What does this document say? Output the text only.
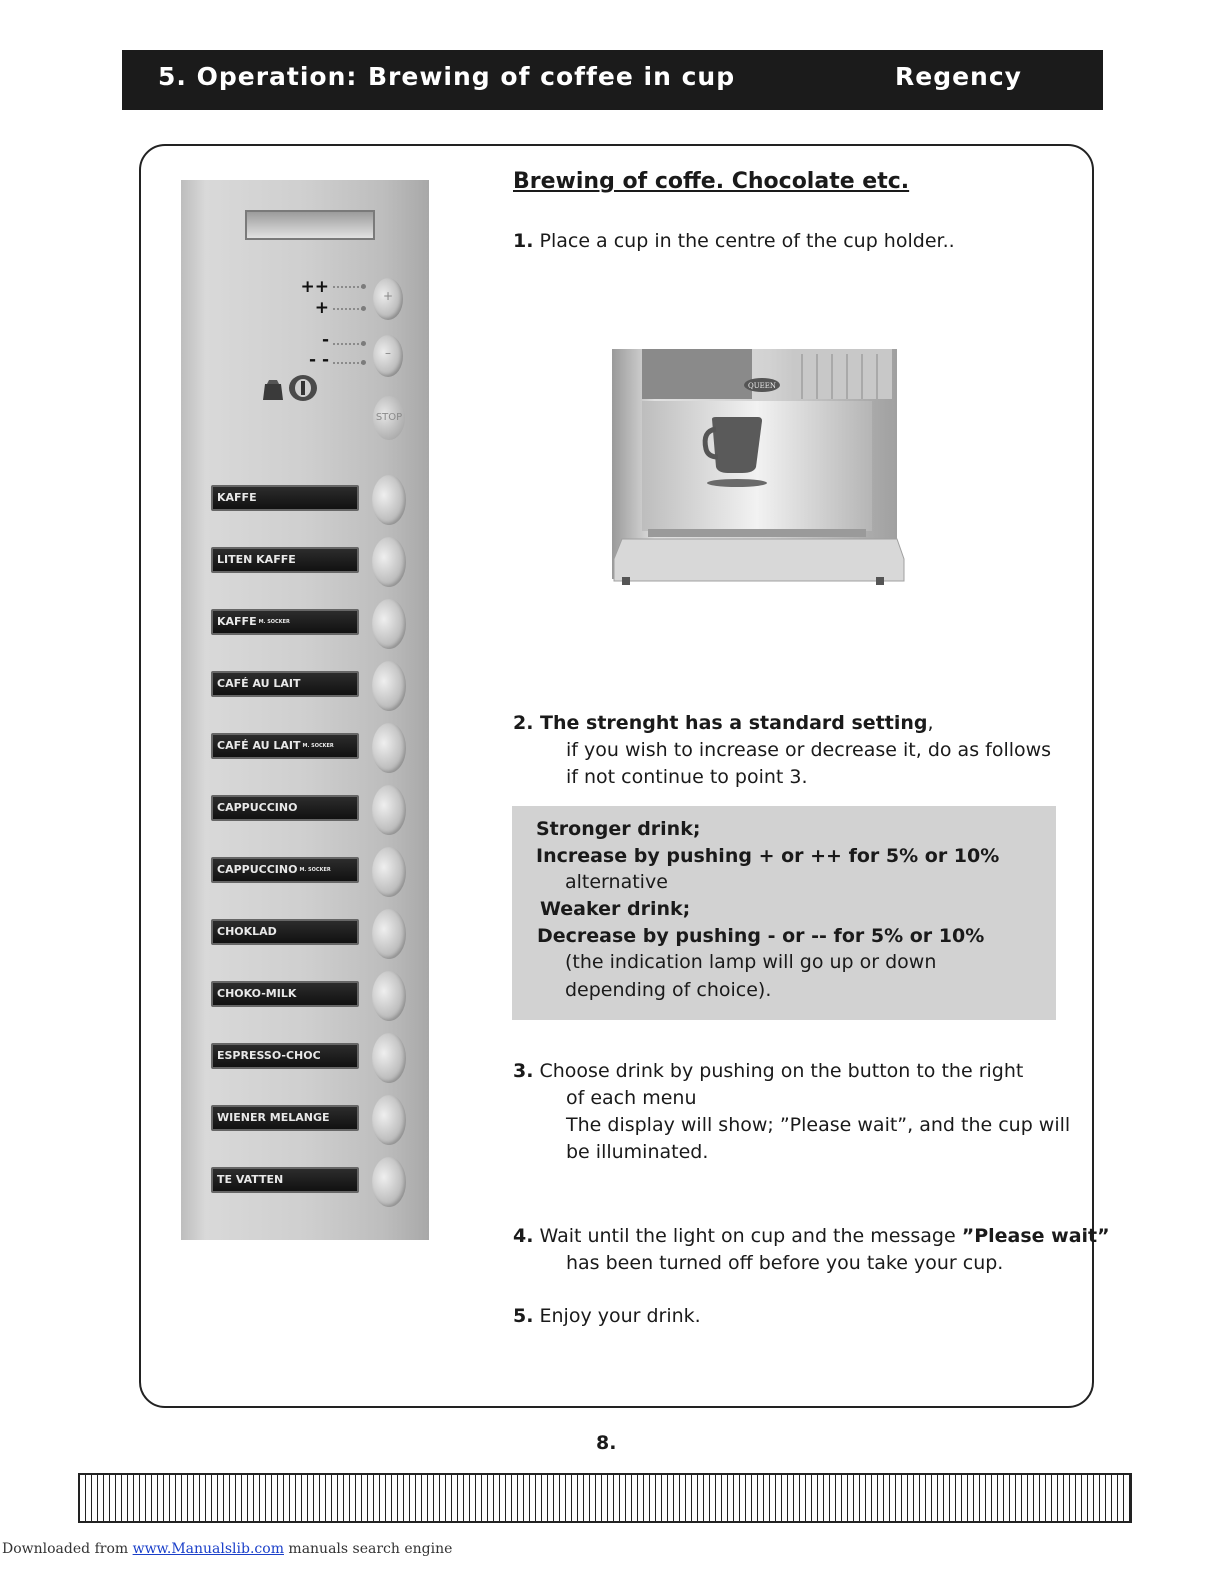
5. Operation: Brewing of coffee in cup	Regency
++
+
-
- -
+
–
STOP
KAFFE
LITEN KAFFE
KAFFE M. SOCKER
CAFÉ AU LAIT
CAFÉ AU LAIT M. SOCKER
CAPPUCCINO
CAPPUCCINO M. SOCKER
CHOKLAD
CHOKO-MILK
ESPRESSO-CHOC
WIENER MELANGE
TE VATTEN
Brewing of coffe. Chocolate etc.
1. Place a cup in the centre of the cup holder..
QUEEN
2. The strenght has a standard setting,
if you wish to increase or decrease it, do as follows
if not continue to point 3.
Stronger drink;
Increase by pushing + or ++ for 5% or 10%
alternative
Weaker drink;
Decrease by pushing - or -- for 5% or 10%
(the indication lamp will go up or down
depending of choice).
3. Choose drink by pushing on the button to the right
of each menu
The display will show; ”Please wait”, and the cup will
be illuminated.
4. Wait until the light on cup and the message ”Please wait”
has been turned off before you take your cup.
5. Enjoy your drink.
8.
Downloaded from www.Manualslib.com manuals search engine
